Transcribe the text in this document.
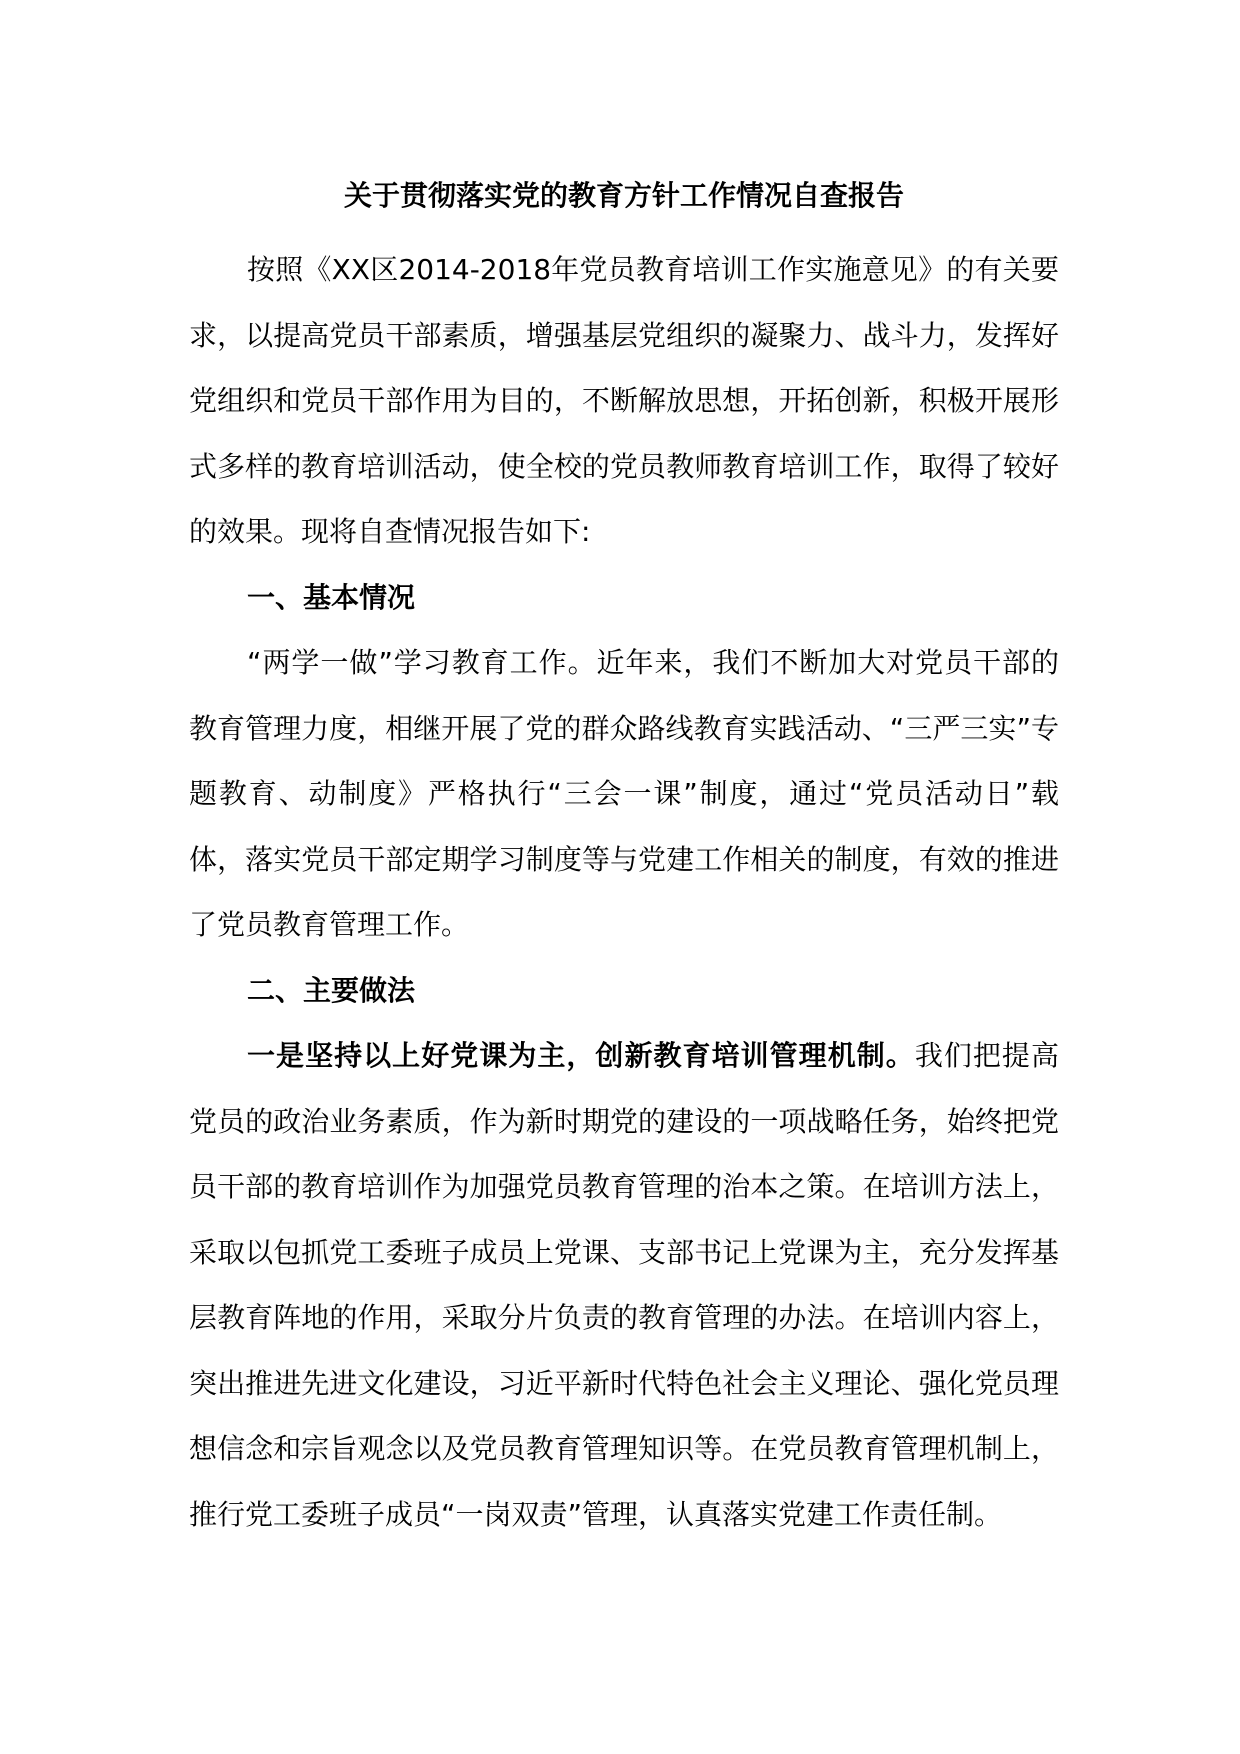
关于贯彻落实党的教育方针工作情况自查报告

按照《XX区2014-2018年党员教育培训工作实施意见》的有关要求，以提高党员干部素质，增强基层党组织的凝聚力、战斗力，发挥好党组织和党员干部作用为目的，不断解放思想，开拓创新，积极开展形式多样的教育培训活动，使全校的党员教师教育培训工作，取得了较好的效果。现将自查情况报告如下:

一、基本情况

“两学一做”学习教育工作。近年来，我们不断加大对党员干部的教育管理力度，相继开展了党的群众路线教育实践活动、“三严三实”专题教育、动制度》严格执行“三会一课”制度，通过“党员活动日”载体，落实党员干部定期学习制度等与党建工作相关的制度，有效的推进了党员教育管理工作。

二、主要做法

一是坚持以上好党课为主，创新教育培训管理机制。我们把提高党员的政治业务素质，作为新时期党的建设的一项战略任务，始终把党员干部的教育培训作为加强党员教育管理的治本之策。在培训方法上，采取以包抓党工委班子成员上党课、支部书记上党课为主，充分发挥基层教育阵地的作用，采取分片负责的教育管理的办法。在培训内容上，突出推进先进文化建设，习近平新时代特色社会主义理论、强化党员理想信念和宗旨观念以及党员教育管理知识等。在党员教育管理机制上，推行党工委班子成员“一岗双责”管理，认真落实党建工作责任制。
